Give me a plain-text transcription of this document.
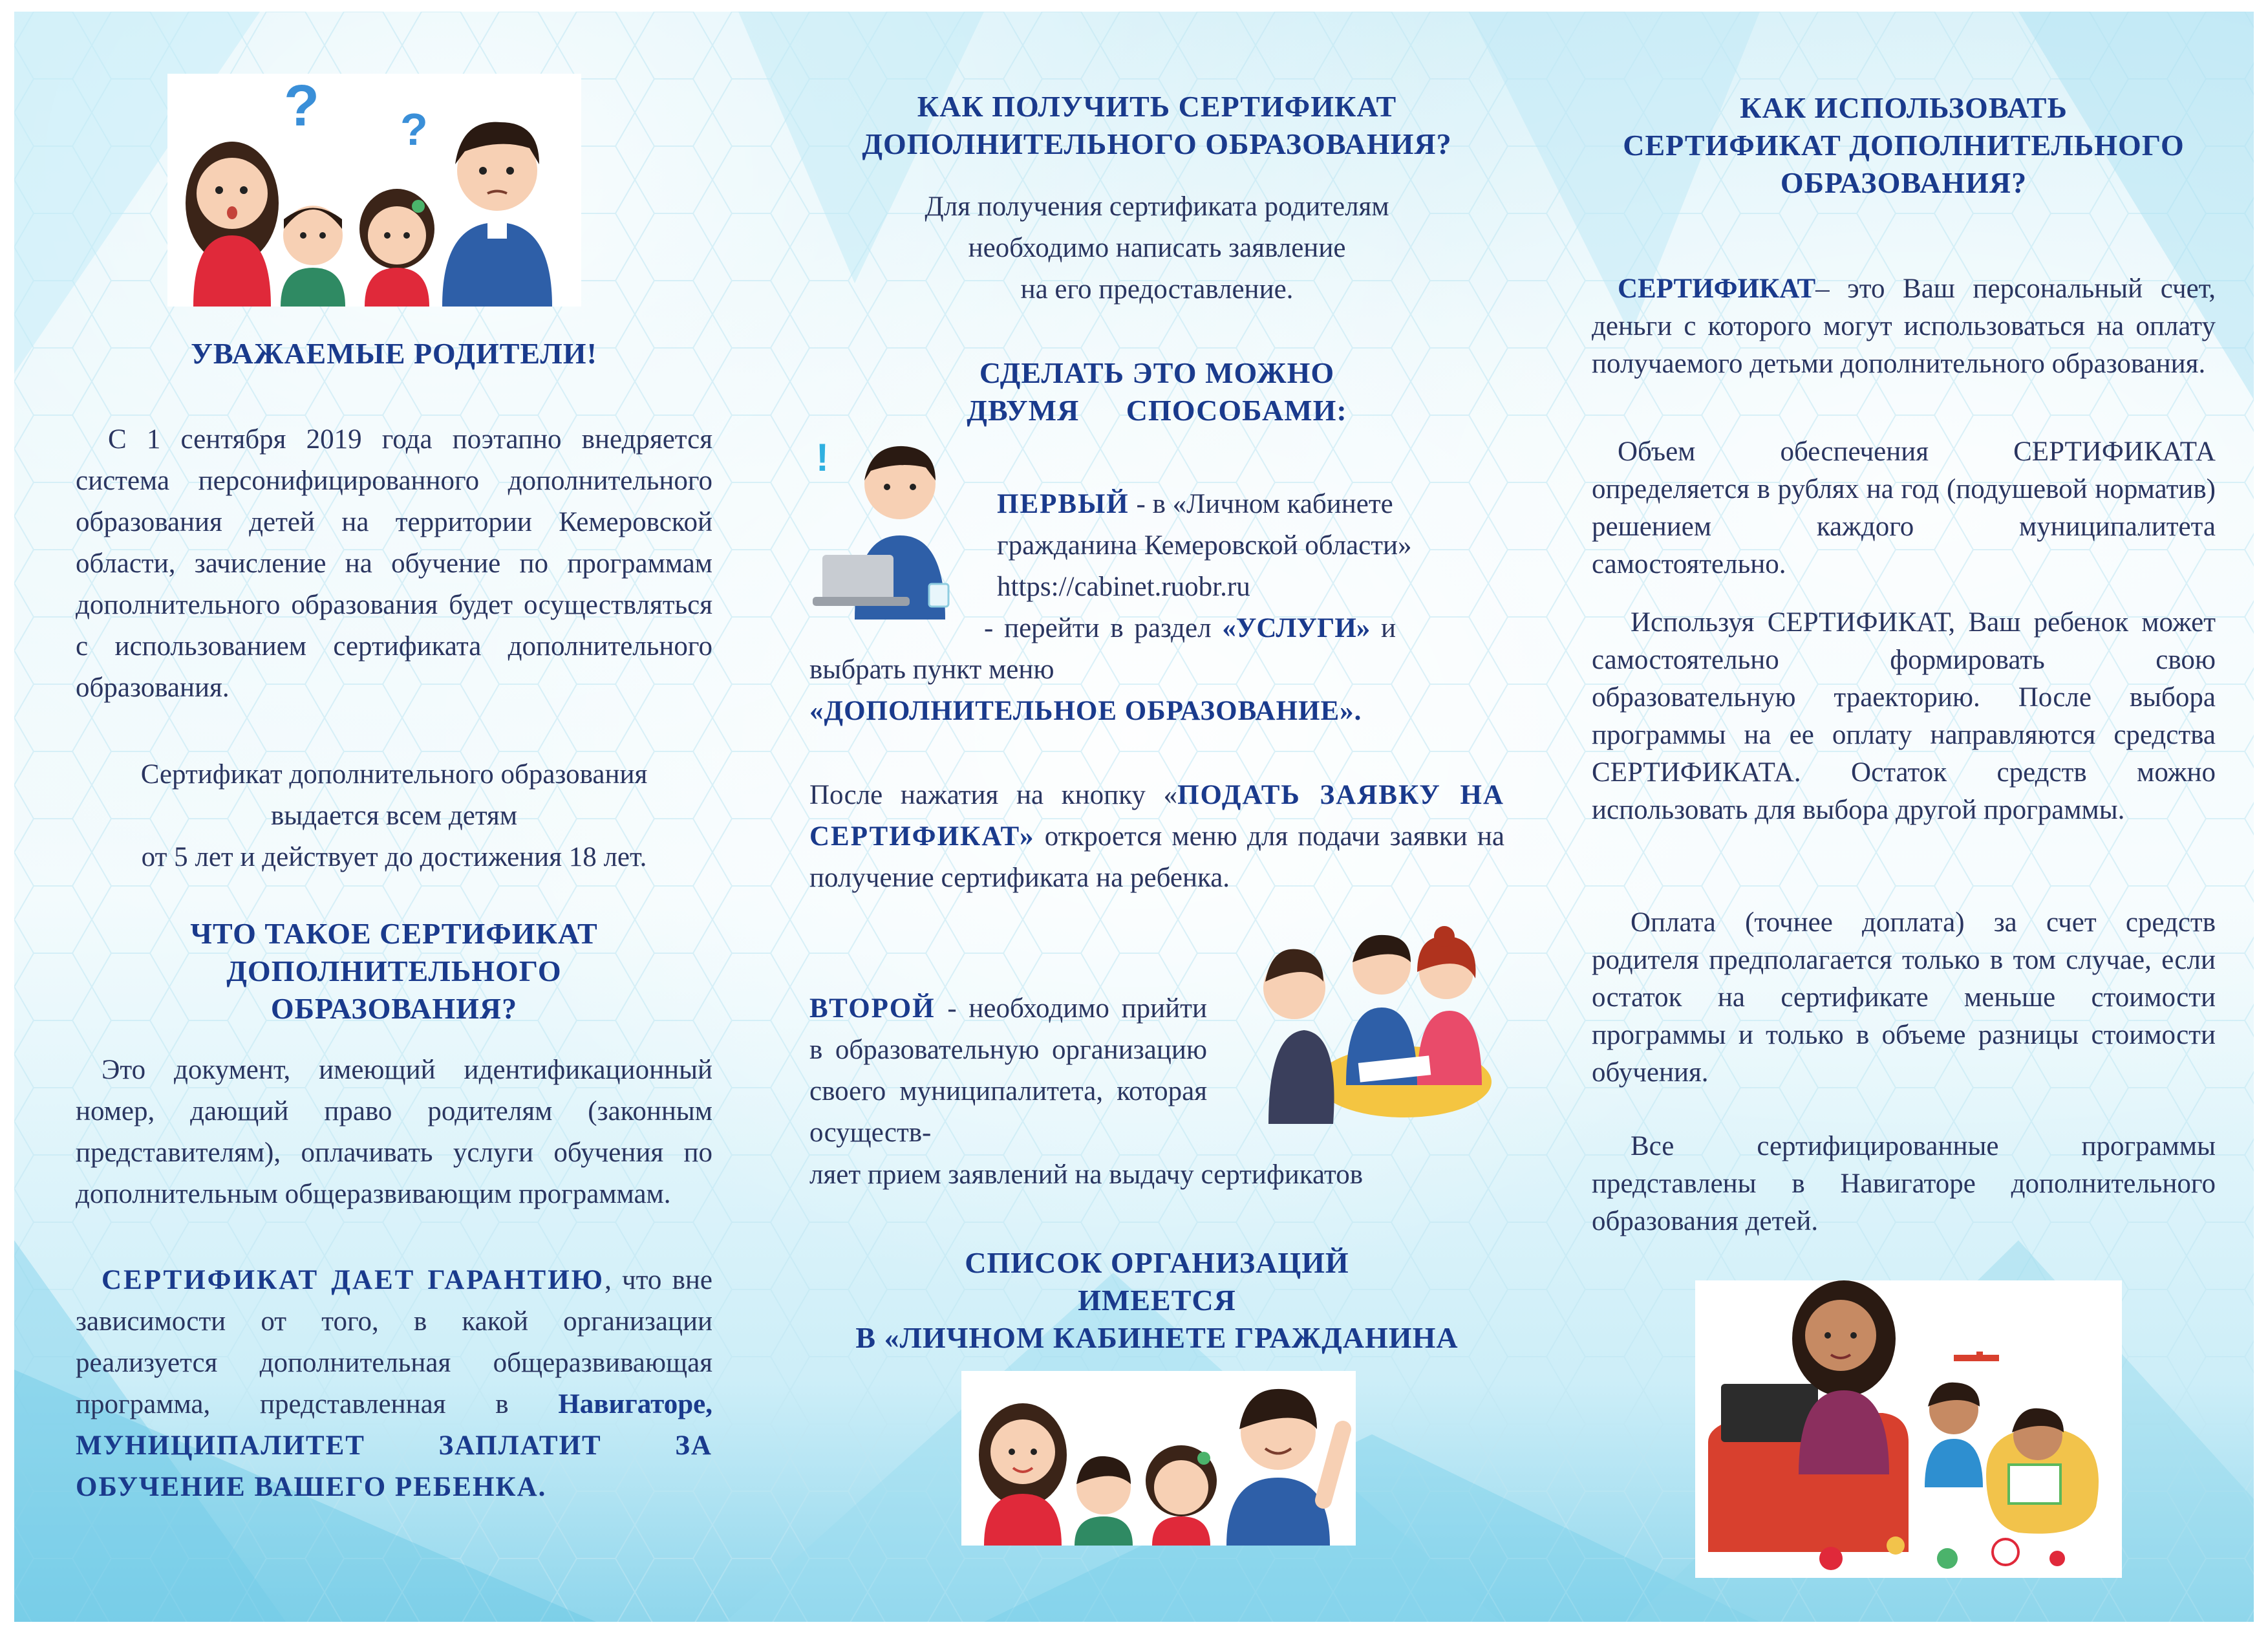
? ?

УВАЖАЕМЫЕ РОДИТЕЛИ!

С 1 сентября 2019 года поэтапно внедряется система персонифицированного дополнительного образования детей на территории Кемеровской области, зачисление на обучение по программам дополнительного образования будет осуществляться с использованием сертификата дополнительного образования.

Сертификат дополнительного образования

выдается всем детям

от 5 лет и действует до достижения 18 лет.

ЧТО ТАКОЕ СЕРТИФИКАТ

ДОПОЛНИТЕЛЬНОГО

ОБРАЗОВАНИЯ?

Это документ, имеющий идентификационный номер, дающий право родителям (законным представителям), оплачивать услуги обучения по дополнительным общеразвивающим программам.

СЕРТИФИКАТ ДАЕТ ГАРАНТИЮ, что вне зависимости от того, в какой организации реализуется дополнительная общеразвивающая программа, представленная в Навигаторе, МУНИЦИПАЛИТЕТ ЗАПЛАТИТ ЗА ОБУЧЕНИЕ ВАШЕГО РЕБЕНКА.

КАК ПОЛУЧИТЬ СЕРТИФИКАТ

ДОПОЛНИТЕЛЬНОГО ОБРАЗОВАНИЯ?

Для получения сертификата родителям

необходимо написать заявление

на его предоставление.

СДЕЛАТЬ ЭТО МОЖНО

ДВУМЯ СПОСОБАМИ:

!

ПЕРВЫЙ - в «Личном кабинете

гражданина Кемеровской области»

https://cabinet.ruobr.ru

- перейти в раздел «УСЛУГИ» и

выбрать пункт меню

«ДОПОЛНИТЕЛЬНОЕ ОБРАЗОВАНИЕ».

После нажатия на кнопку «ПОДАТЬ ЗАЯВКУ НА СЕРТИФИКАТ» откроется меню для подачи заявки на получение сертификата на ребенка.

ВТОРОЙ - необходимо прийти в образовательную организацию своего муниципалитета, которая осуществ-

ляет прием заявлений на выдачу сертификатов

СПИСОК ОРГАНИЗАЦИЙ

ИМЕЕТСЯ

В «ЛИЧНОМ КАБИНЕТЕ ГРАЖДАНИНА

КАК ИСПОЛЬЗОВАТЬ

СЕРТИФИКАТ ДОПОЛНИТЕЛЬНОГО

ОБРАЗОВАНИЯ?

СЕРТИФИКАТ– это Ваш персональный счет, деньги с которого могут использоваться на оплату получаемого детьми дополнительного образования.

Объем обеспечения СЕРТИФИКАТА определяется в рублях на год (подушевой норматив) решением каждого муниципалитета самостоятельно.

Используя СЕРТИФИКАТ, Ваш ребенок может самостоятельно формировать свою образовательную траекторию. После выбора программы на ее оплату направляются средства СЕРТИФИКАТА. Остаток средств можно использовать для выбора другой программы.

Оплата (точнее доплата) за счет средств родителя предполагается только в том случае, если остаток на сертификате меньше стоимости программы и только в объеме разницы стоимости обучения.

Все сертифицированные программы представлены в Навигаторе дополнительного образования детей.
